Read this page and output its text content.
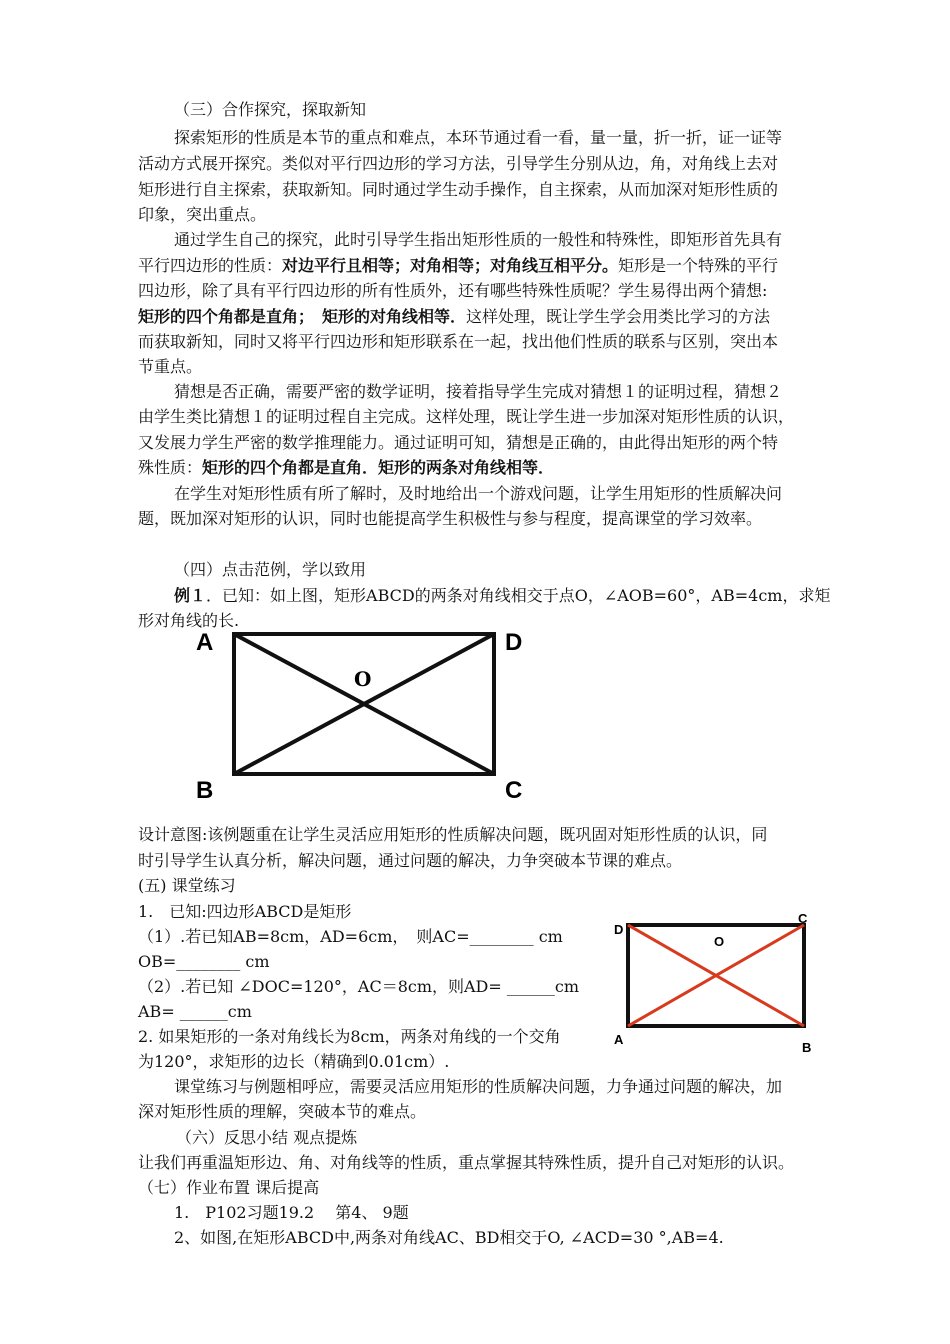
（三）合作探究，探取新知
探索矩形的性质是本节的重点和难点，本环节通过看一看，量一量，折一折，证一证等
活动方式展开探究。类似对平行四边形的学习方法，引导学生分别从边，角，对角线上去对
矩形进行自主探索，获取新知。同时通过学生动手操作，自主探索，从而加深对矩形性质的
印象，突出重点。
通过学生自己的探究，此时引导学生指出矩形性质的一般性和特殊性，即矩形首先具有
平行四边形的性质：对边平行且相等；对角相等；对角线互相平分。矩形是一个特殊的平行
四边形，除了具有平行四边形的所有性质外，还有哪些特殊性质呢？学生易得出两个猜想:
矩形的四个角都是直角；　矩形的对角线相等．这样处理，既让学生学会用类比学习的方法
而获取新知，同时又将平行四边形和矩形联系在一起，找出他们性质的联系与区别，突出本
节重点。
猜想是否正确，需要严密的数学证明，接着指导学生完成对猜想１的证明过程，猜想２
由学生类比猜想１的证明过程自主完成。这样处理，既让学生进一步加深对矩形性质的认识，
又发展力学生严密的数学推理能力。通过证明可知，猜想是正确的，由此得出矩形的两个特
殊性质：矩形的四个角都是直角．矩形的两条对角线相等．
在学生对矩形性质有所了解时，及时地给出一个游戏问题，让学生用矩形的性质解决问
题，既加深对矩形的认识，同时也能提高学生积极性与参与程度，提高课堂的学习效率。
（四）点击范例，学以致用
例１．已知：如上图，矩形ABCD的两条对角线相交于点O，∠AOB=60°，AB=4cm，求矩
形对角线的长.
A	D
B	C
O
设计意图:该例题重在让学生灵活应用矩形的性质解决问题，既巩固对矩形性质的认识，同
时引导学生认真分析，解决问题，通过问题的解决，力争突破本节课的难点。
(五) 课堂练习
1.　已知:四边形ABCD是矩形
（1）.若已知AB=8cm，AD=6cm，　则AC=________ cm
OB=________ cm
（2）.若已知 ∠DOC=120°，AC＝8cm，则AD= ______cm
AB= ______cm
2. 如果矩形的一条对角线长为8cm，两条对角线的一个交角
为120°，求矩形的边长（精确到0.01cm）.
D
C
O
A
B
课堂练习与例题相呼应，需要灵活应用矩形的性质解决问题，力争通过问题的解决，加
深对矩形性质的理解，突破本节的难点。
（六）反思小结 观点提炼
让我们再重温矩形边、角、对角线等的性质，重点掌握其特殊性质，提升自己对矩形的认识。
（七）作业布置 课后提高
1.　P102习题19.2　 第4、 9题
2、如图,在矩形ABCD中,两条对角线AC、BD相交于O, ∠ACD=30 °,AB=4.
